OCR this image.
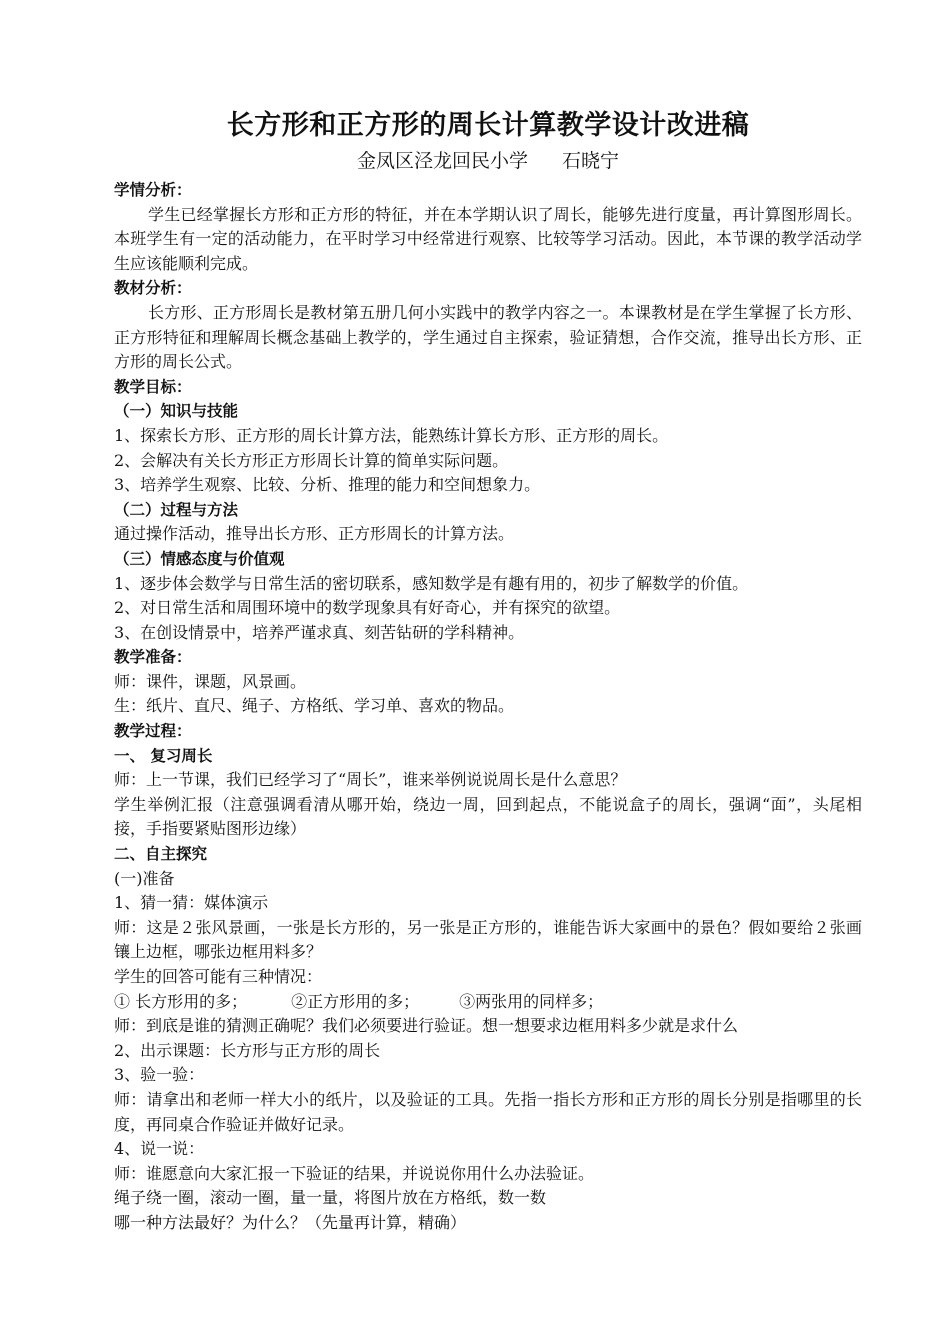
长方形和正方形的周长计算教学设计改进稿
金凤区泾龙回民小学 石晓宁
学情分析：
学生已经掌握长方形和正方形的特征，并在本学期认识了周长，能够先进行度量，再计算图形周长。本班学生有一定的活动能力，在平时学习中经常进行观察、比较等学习活动。因此，本节课的教学活动学生应该能顺利完成。
教材分析：
长方形、正方形周长是教材第五册几何小实践中的教学内容之一。本课教材是在学生掌握了长方形、正方形特征和理解周长概念基础上教学的，学生通过自主探索，验证猜想，合作交流，推导出长方形、正方形的周长公式。
教学目标：
（一）知识与技能
1、探索长方形、正方形的周长计算方法，能熟练计算长方形、正方形的周长。
2、会解决有关长方形正方形周长计算的简单实际问题。
3、培养学生观察、比较、分析、推理的能力和空间想象力。
（二）过程与方法
通过操作活动，推导出长方形、正方形周长的计算方法。
（三）情感态度与价值观
1、逐步体会数学与日常生活的密切联系，感知数学是有趣有用的，初步了解数学的价值。
2、对日常生活和周围环境中的数学现象具有好奇心，并有探究的欲望。
3、在创设情景中，培养严谨求真、刻苦钻研的学科精神。
教学准备：
师：课件，课题，风景画。
生：纸片、直尺、绳子、方格纸、学习单、喜欢的物品。
教学过程：
一、 复习周长
师：上一节课，我们已经学习了“周长”，谁来举例说说周长是什么意思？
学生举例汇报（注意强调看清从哪开始，绕边一周，回到起点，不能说盒子的周长，强调“面”，头尾相接，手指要紧贴图形边缘）
二、自主探究
(一)准备
1、猜一猜：媒体演示
师：这是２张风景画，一张是长方形的，另一张是正方形的，谁能告诉大家画中的景色？假如要给２张画镶上边框，哪张边框用料多？
学生的回答可能有三种情况：
① 长方形用的多；	②正方形用的多；	③两张用的同样多；
师：到底是谁的猜测正确呢？我们必须要进行验证。想一想要求边框用料多少就是求什么
2、出示课题：长方形与正方形的周长
3、验一验：
师：请拿出和老师一样大小的纸片，以及验证的工具。先指一指长方形和正方形的周长分别是指哪里的长度，再同桌合作验证并做好记录。
4、说一说：
师：谁愿意向大家汇报一下验证的结果，并说说你用什么办法验证。
绳子绕一圈，滚动一圈，量一量，将图片放在方格纸，数一数
哪一种方法最好？为什么？（先量再计算，精确）
